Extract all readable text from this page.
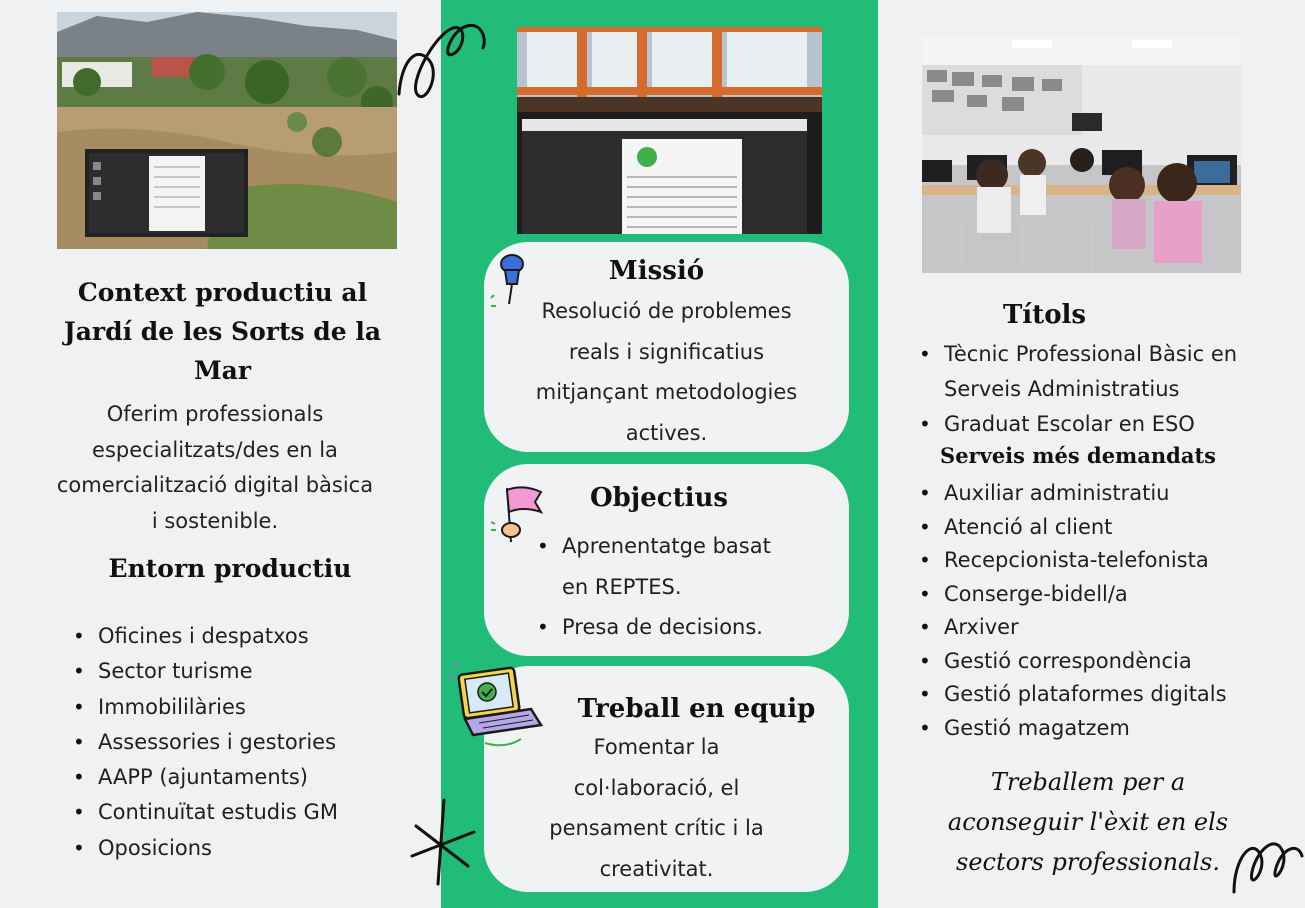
Context productiu al
Jardí de les Sorts de la
Mar
Oferim professionals
especialitzats/des en la
comercialització digital bàsica
i sostenible.
Entorn productiu
• Oficines i despatxos
• Sector turisme
• Immobililàries
• Assessories i gestories
• AAPP (ajuntaments)
• Continuïtat estudis GM
• Oposicions
Missió
Resolució de problemes
reals i significatius
mitjançant metodologies
actives.
Objectius
• Aprenentatge basat
en REPTES.
• Presa de decisions.
Treball en equip
Fomentar la
col·laboració, el
pensament crític i la
creativitat.
Títols
• Tècnic Professional Bàsic en
Serveis Administratius
• Graduat Escolar en ESO
Serveis més demandats
• Auxiliar administratiu
• Atenció al client
• Recepcionista-telefonista
• Conserge-bidell/a
• Arxiver
• Gestió correspondència
• Gestió plataformes digitals
• Gestió magatzem
Treballem per a
aconseguir l'èxit en els
sectors professionals.
